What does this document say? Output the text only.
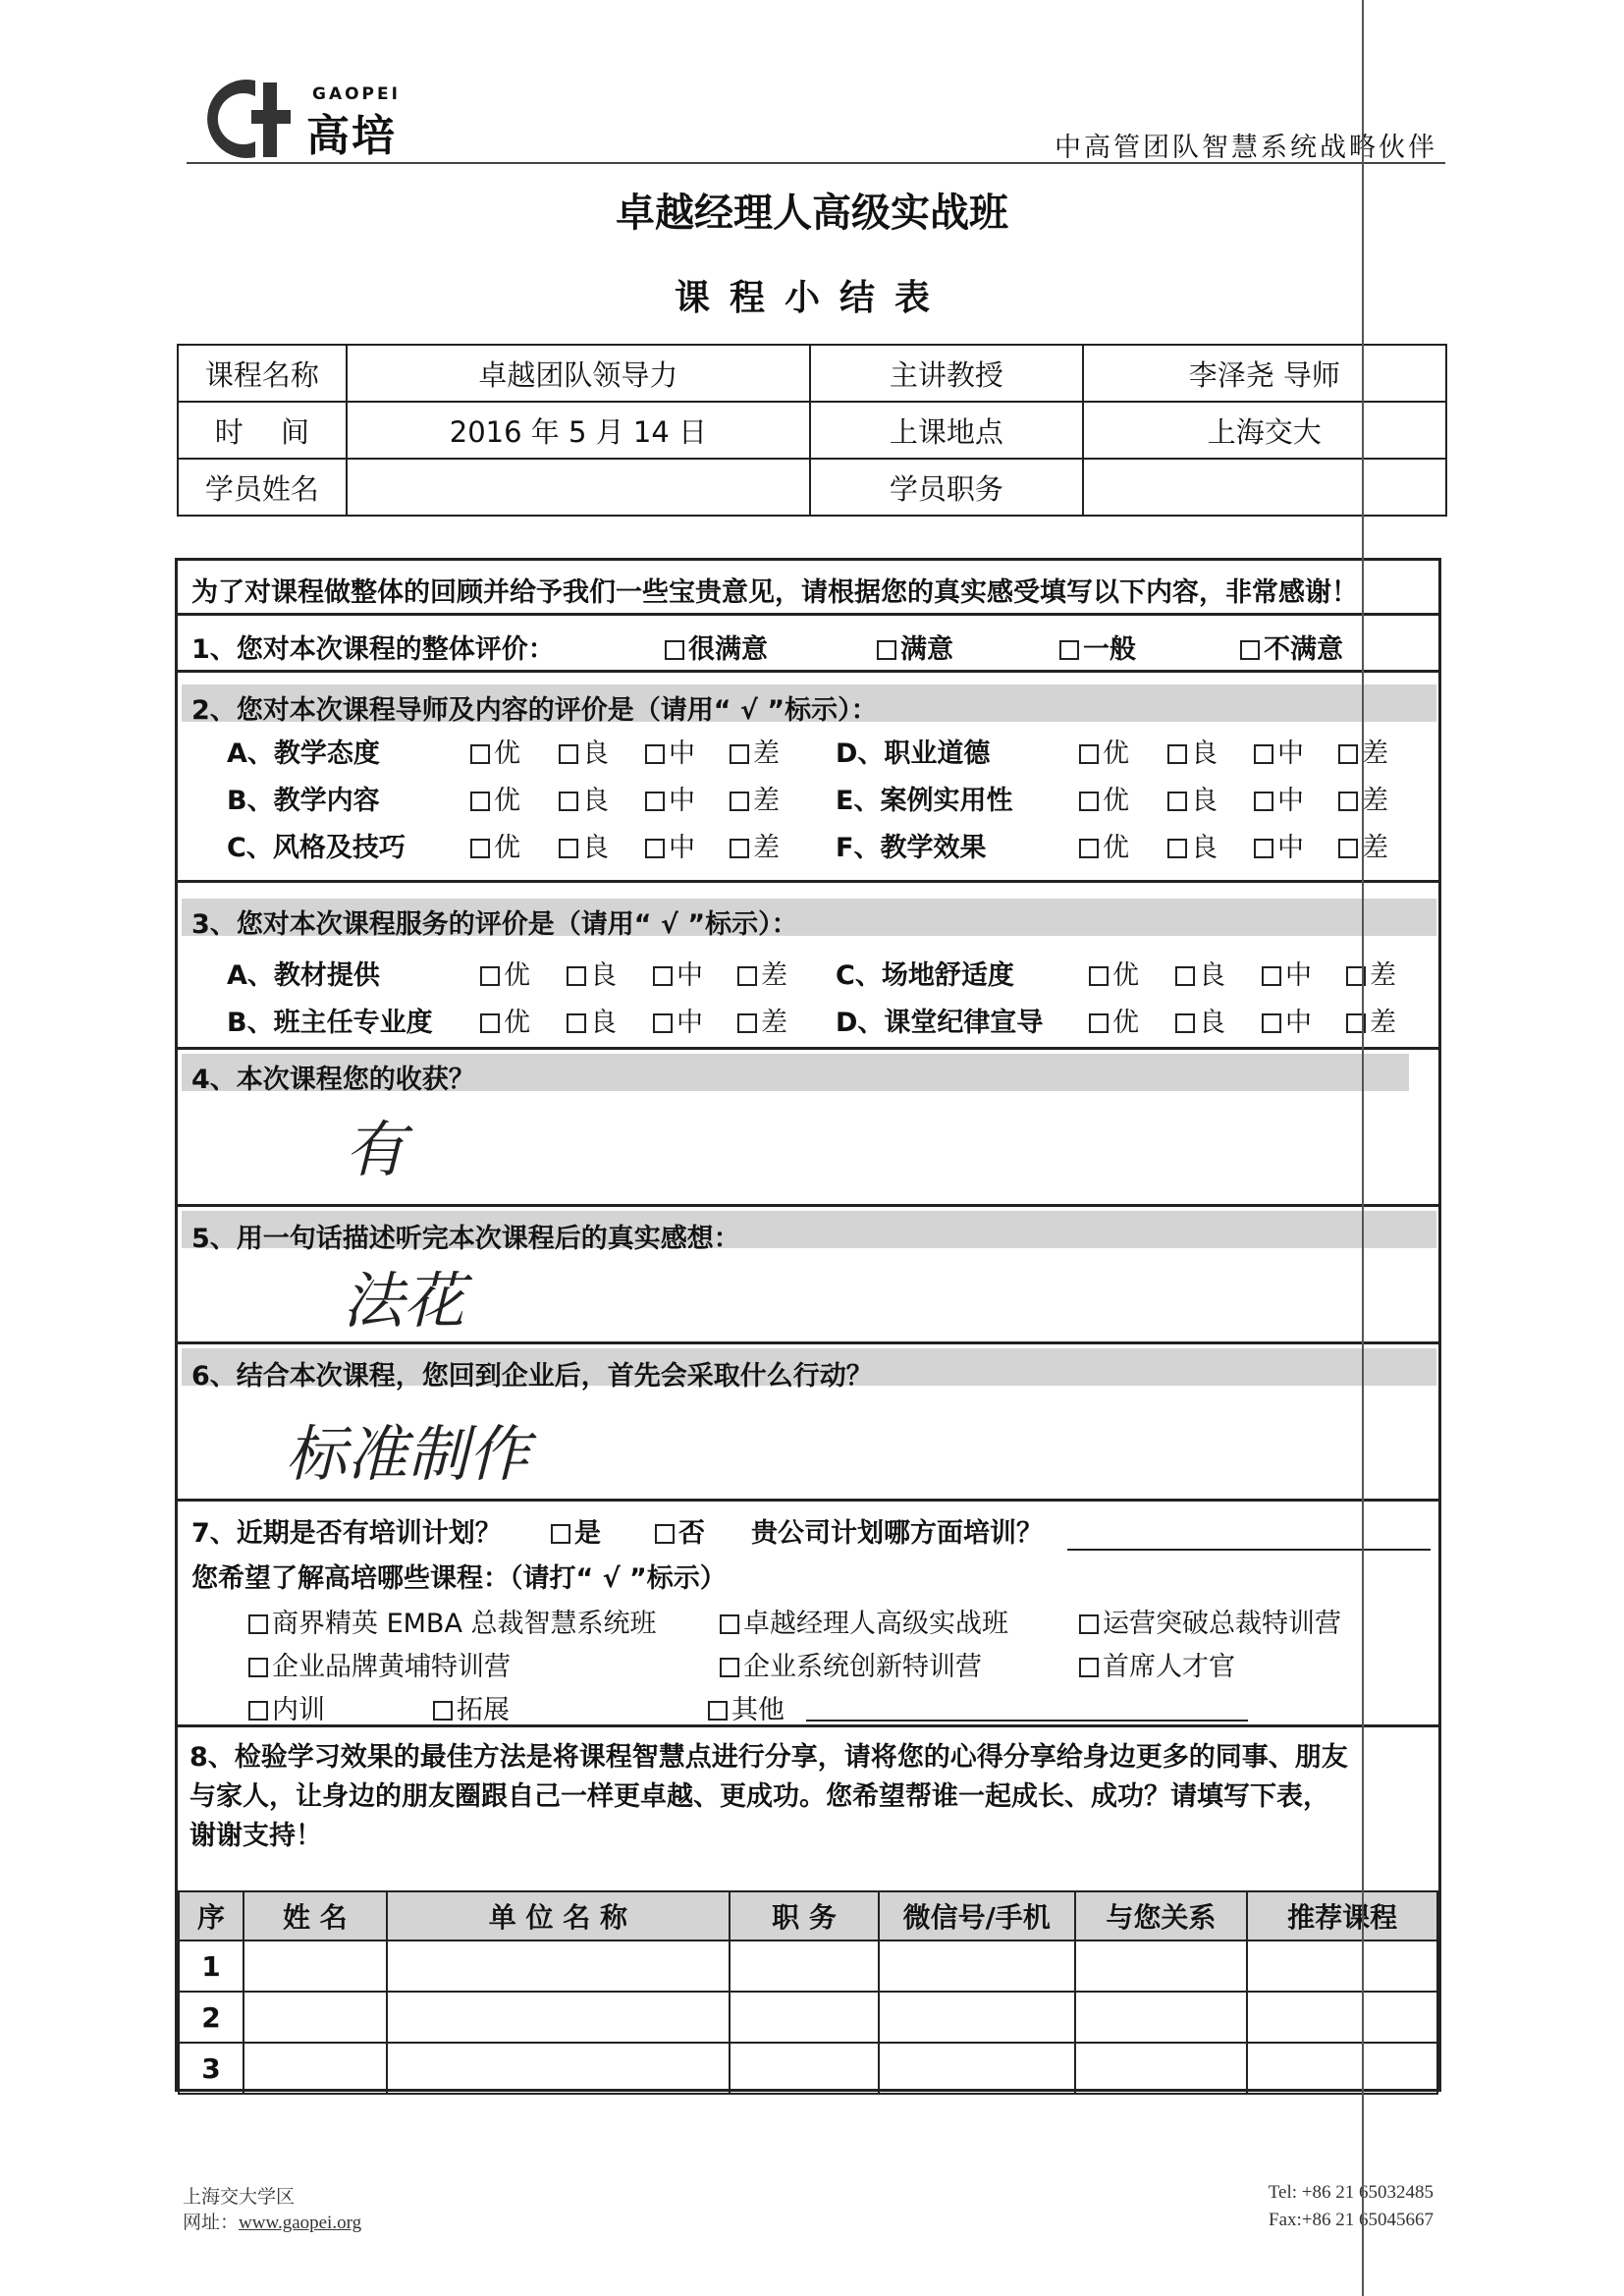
GAOPEI
高培	中高管团队智慧系统战略伙伴
卓越经理人高级实战班
课程小结表
课程名称	卓越团队领导力	主讲教授	李泽尧 导师
时　 间	2016 年 5 月 14 日	上课地点	上海交大
学员姓名		学员职务	
为了对课程做整体的回顾并给予我们一些宝贵意见，请根据您的真实感受填写以下内容，非常感谢！
1、您对本次课程的整体评价：	很满意	满意	一般	不满意
2、您对本次课程导师及内容的评价是（请用“ √ ”标示）：
A、教学态度	优	良	中	差
B、教学内容	优	良	中	差
C、风格及技巧	优	良	中	差
D、职业道德	优	良	中	差
E、案例实用性	优	良	中	差
F、教学效果	优	良	中	差
3、您对本次课程服务的评价是（请用“ √ ”标示）：
A、教材提供	优	良	中	差
B、班主任专业度	优	良	中	差
C、场地舒适度	优	良	中	差
D、课堂纪律宣导	优	良	中	差
4、本次课程您的收获？
有
5、用一句话描述听完本次课程后的真实感想：
法花
6、结合本次课程，您回到企业后，首先会采取什么行动？
标准制作
7、近期是否有培训计划？	是	否 贵公司计划哪方面培训？
您希望了解高培哪些课程：（请打“ √ ”标示）
商界精英 EMBA 总裁智慧系统班	卓越经理人高级实战班	运营突破总裁特训营
企业品牌黄埔特训营	企业系统创新特训营	首席人才官
内训	拓展	其他
8、检验学习效果的最佳方法是将课程智慧点进行分享，请将您的心得分享给身边更多的同事、朋友
与家人，让身边的朋友圈跟自己一样更卓越、更成功。您希望帮谁一起成长、成功？请填写下表，
谢谢支持！
序	姓 名	单 位 名 称	职 务	微信号/手机	与您关系	推荐课程
1						
2						
3						
上海交大学区
网址：www.gaopei.org
Tel: +86 21 65032485
Fax:+86 21 65045667
